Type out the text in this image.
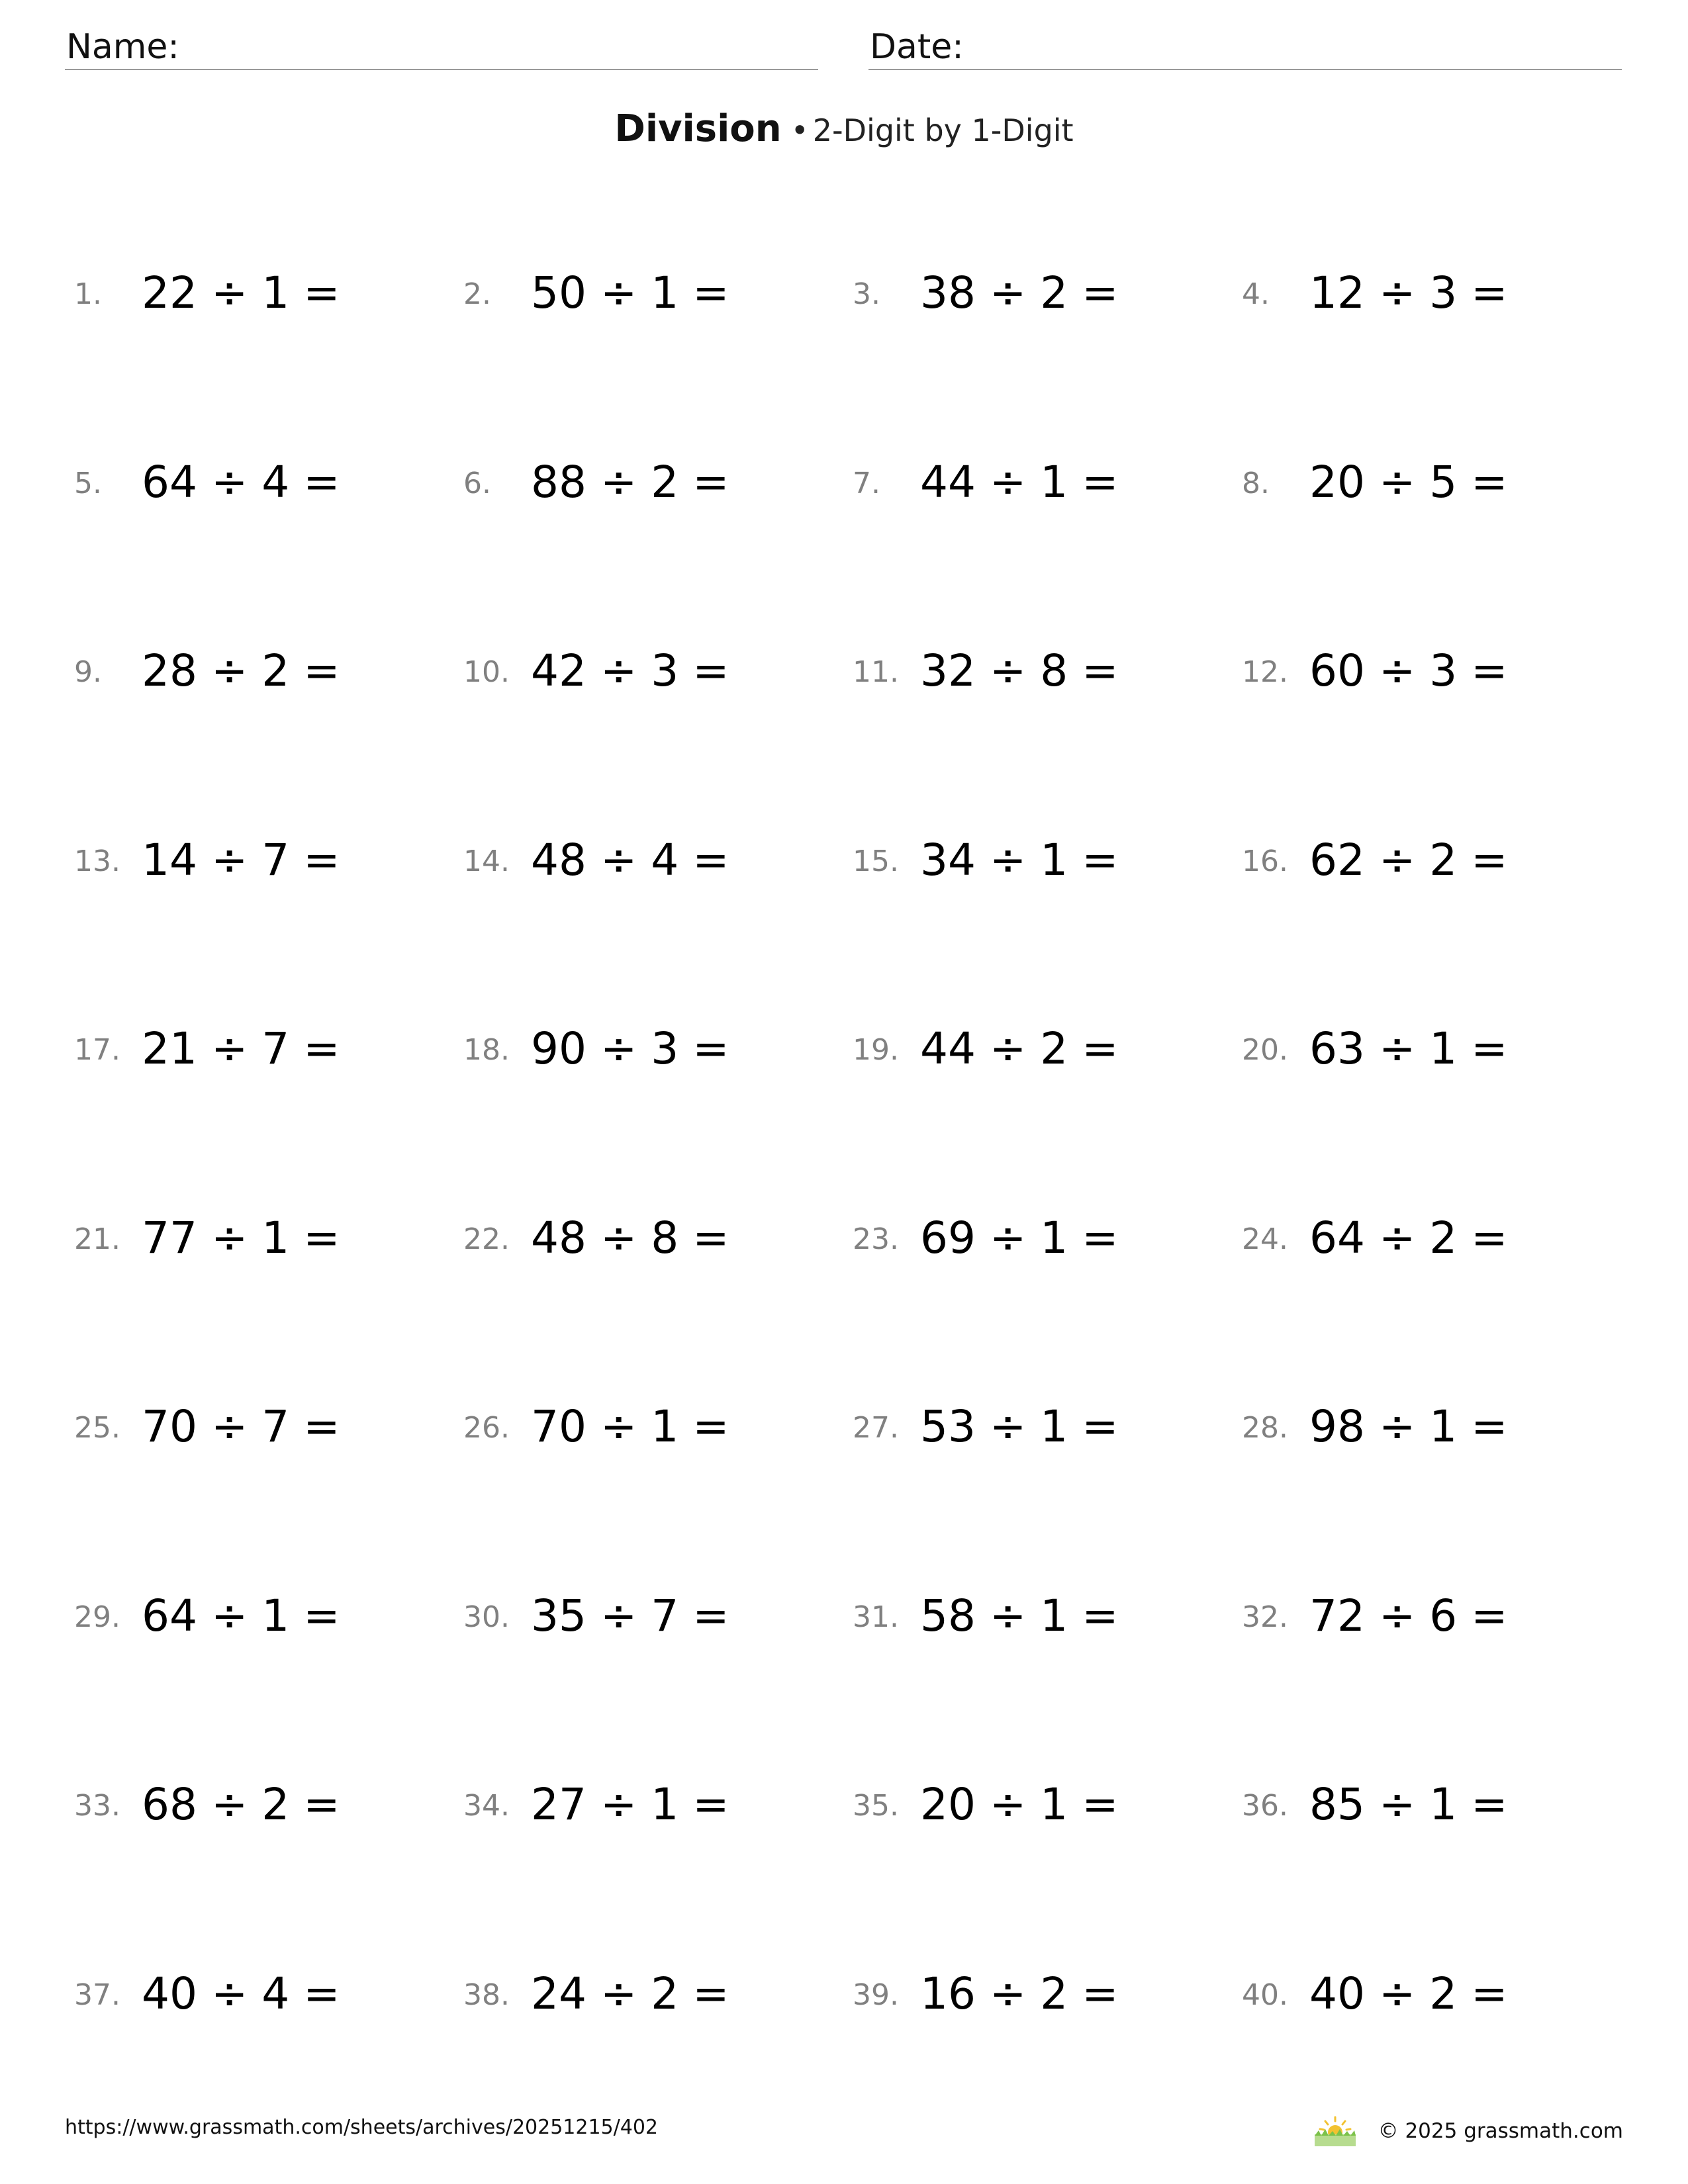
Name:	Date:
Division • 2-Digit by 1-Digit
1. 22 ÷ 1 =	2. 50 ÷ 1 =	3. 38 ÷ 2 =	4. 12 ÷ 3 =
5. 64 ÷ 4 =	6. 88 ÷ 2 =	7. 44 ÷ 1 =	8. 20 ÷ 5 =
9. 28 ÷ 2 =	10. 42 ÷ 3 =	11. 32 ÷ 8 =	12. 60 ÷ 3 =
13. 14 ÷ 7 =	14. 48 ÷ 4 =	15. 34 ÷ 1 =	16. 62 ÷ 2 =
17. 21 ÷ 7 =	18. 90 ÷ 3 =	19. 44 ÷ 2 =	20. 63 ÷ 1 =
21. 77 ÷ 1 =	22. 48 ÷ 8 =	23. 69 ÷ 1 =	24. 64 ÷ 2 =
25. 70 ÷ 7 =	26. 70 ÷ 1 =	27. 53 ÷ 1 =	28. 98 ÷ 1 =
29. 64 ÷ 1 =	30. 35 ÷ 7 =	31. 58 ÷ 1 =	32. 72 ÷ 6 =
33. 68 ÷ 2 =	34. 27 ÷ 1 =	35. 20 ÷ 1 =	36. 85 ÷ 1 =
37. 40 ÷ 4 =	38. 24 ÷ 2 =	39. 16 ÷ 2 =	40. 40 ÷ 2 =
https://www.grassmath.com/sheets/archives/20251215/402	© 2025 grassmath.com
